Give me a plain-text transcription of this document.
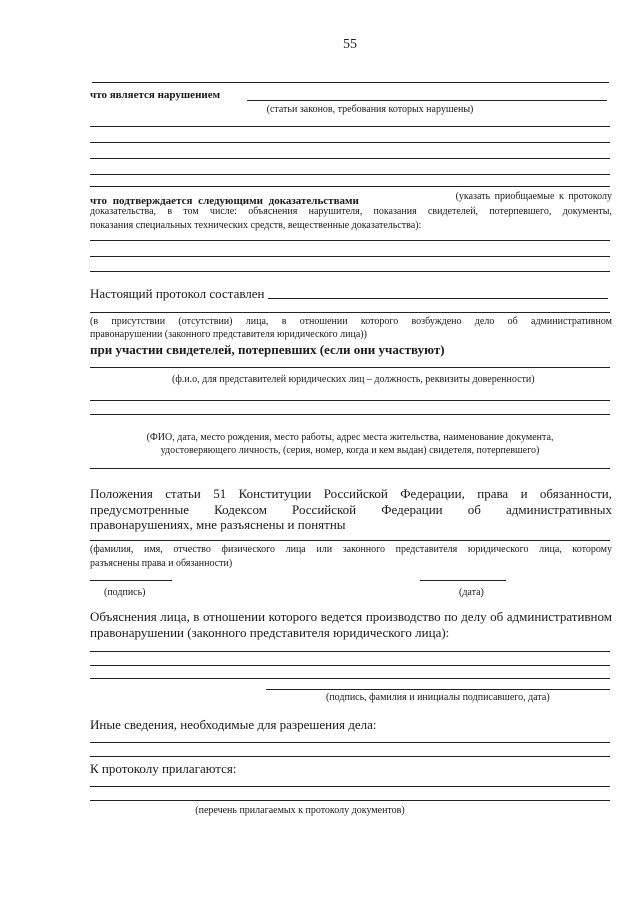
55
что является нарушением
(статьи законов, требования которых нарушены)
что подтверждается следующими доказательствами	(указать приобщаемые к протоколу
доказательства, в том числе: объяснения нарушителя, показания свидетелей, потерпевшего, документы,
показания специальных технических средств, вещественные доказательства):
Настоящий протокол составлен
(в присутствии (отсутствии) лица, в отношении которого возбуждено дело об административном
правонарушении (законного представителя юридического лица))
при участии свидетелей, потерпевших (если они участвуют)
(ф.и.о, для представителей юридических лиц – должность, реквизиты доверенности)
(ФИО, дата, место рождения, место работы, адрес места жительства, наименование документа,
удостоверяющего личность, (серия, номер, когда и кем выдан) свидетеля, потерпевшего)
Положения статьи 51 Конституции Российской Федерации, права и обязанности,
предусмотренные Кодексом Российской Федерации об административных
правонарушениях, мне разъяснены и понятны
(фамилия, имя, отчество физического лица или законного представителя юридического лица, которому
разъяснены права и обязанности)
(подпись)	(дата)
Объяснения лица, в отношении которого ведется производство по делу об административном
правонарушении (законного представителя юридического лица):
(подпись, фамилия и инициалы подписавшего, дата)
Иные сведения, необходимые для разрешения дела:
К протоколу прилагаются:
(перечень прилагаемых к протоколу документов)
